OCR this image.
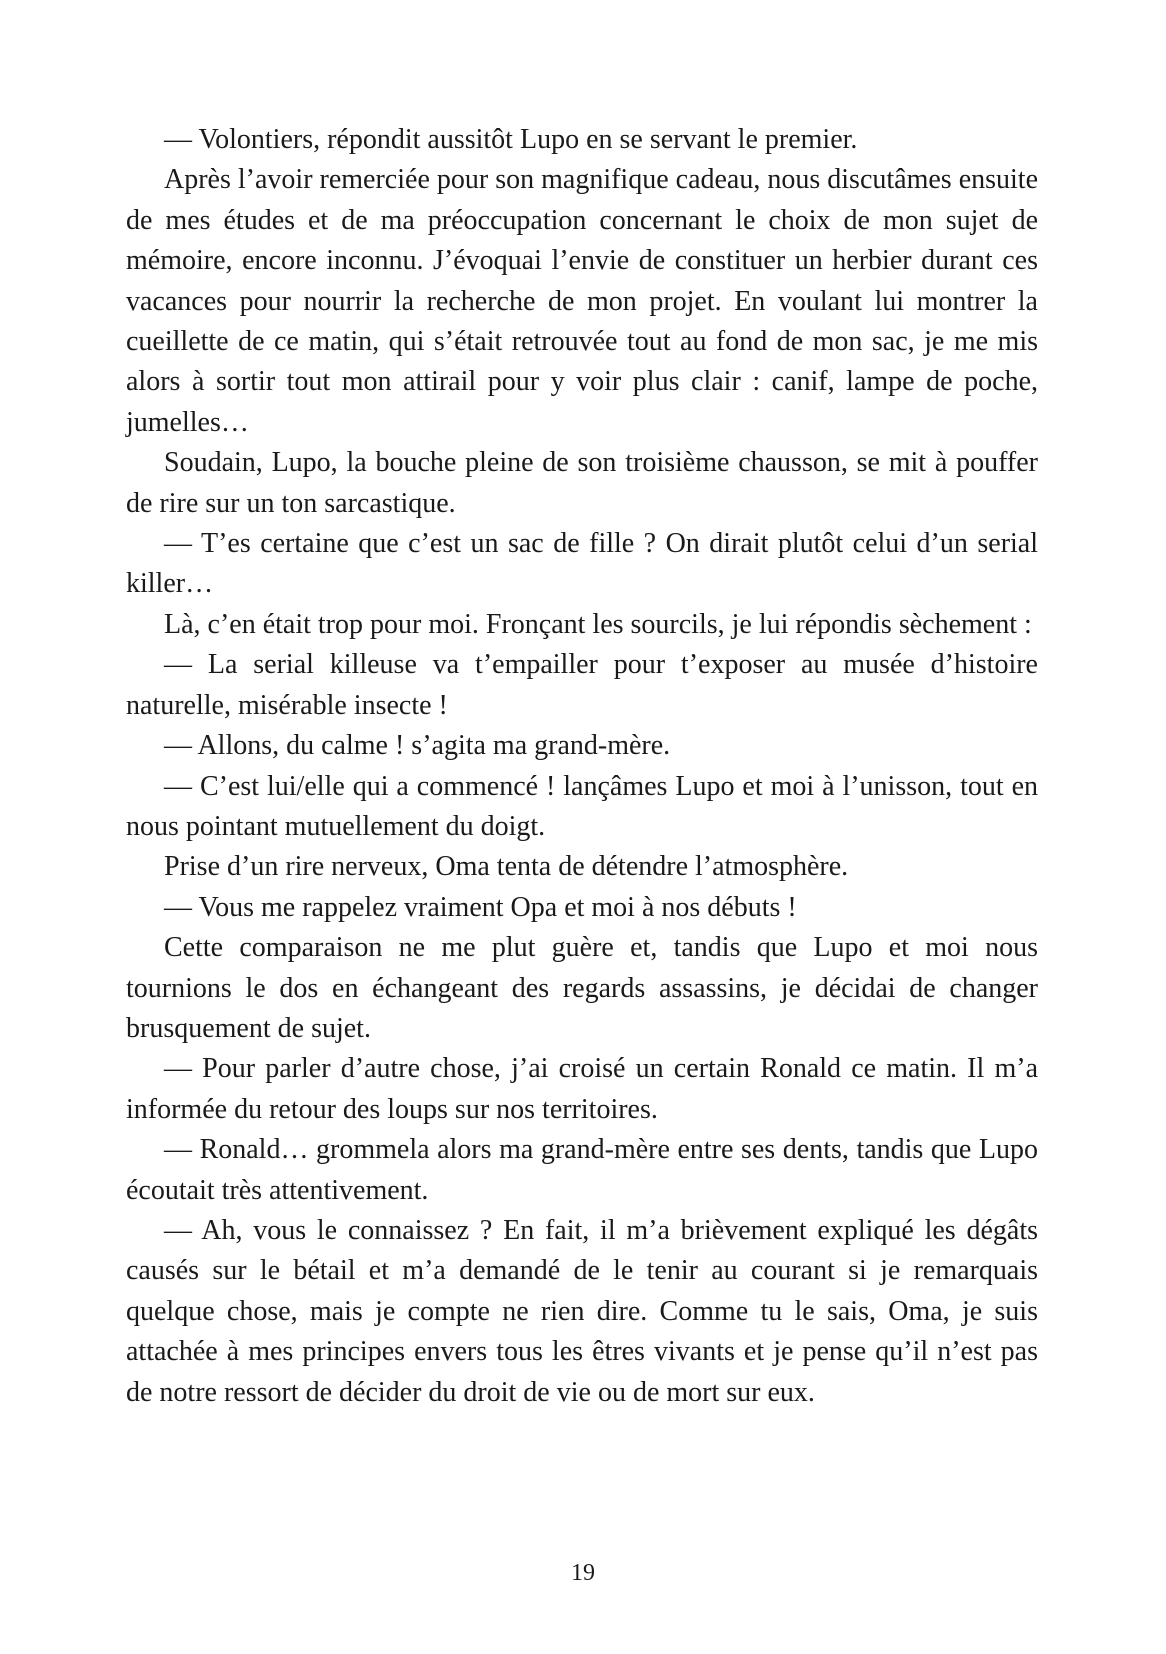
— Volontiers, répondit aussitôt Lupo en se servant le premier.

Après l’avoir remerciée pour son magnifique cadeau, nous discutâmes ensuite de mes études et de ma préoccupation concernant le choix de mon sujet de mémoire, encore inconnu. J’évoquai l’envie de constituer un herbier durant ces vacances pour nourrir la recherche de mon projet. En voulant lui montrer la cueillette de ce matin, qui s’était retrouvée tout au fond de mon sac, je me mis alors à sortir tout mon attirail pour y voir plus clair : canif, lampe de poche, jumelles…

Soudain, Lupo, la bouche pleine de son troisième chausson, se mit à pouffer de rire sur un ton sarcastique.

— T’es certaine que c’est un sac de fille ? On dirait plutôt celui d’un serial killer…

Là, c’en était trop pour moi. Fronçant les sourcils, je lui répondis sèchement :

— La serial killeuse va t’empailler pour t’exposer au musée d’histoire naturelle, misérable insecte !

— Allons, du calme ! s’agita ma grand-mère.

— C’est lui/elle qui a commencé ! lançâmes Lupo et moi à l’unisson, tout en nous pointant mutuellement du doigt.

Prise d’un rire nerveux, Oma tenta de détendre l’atmosphère.

— Vous me rappelez vraiment Opa et moi à nos débuts !

Cette comparaison ne me plut guère et, tandis que Lupo et moi nous tournions le dos en échangeant des regards assassins, je décidai de changer brusquement de sujet.

— Pour parler d’autre chose, j’ai croisé un certain Ronald ce matin. Il m’a informée du retour des loups sur nos territoires.

— Ronald… grommela alors ma grand-mère entre ses dents, tandis que Lupo écoutait très attentivement.

— Ah, vous le connaissez ? En fait, il m’a brièvement expliqué les dégâts causés sur le bétail et m’a demandé de le tenir au courant si je remarquais quelque chose, mais je compte ne rien dire. Comme tu le sais, Oma, je suis attachée à mes principes envers tous les êtres vivants et je pense qu’il n’est pas de notre ressort de décider du droit de vie ou de mort sur eux.

19
